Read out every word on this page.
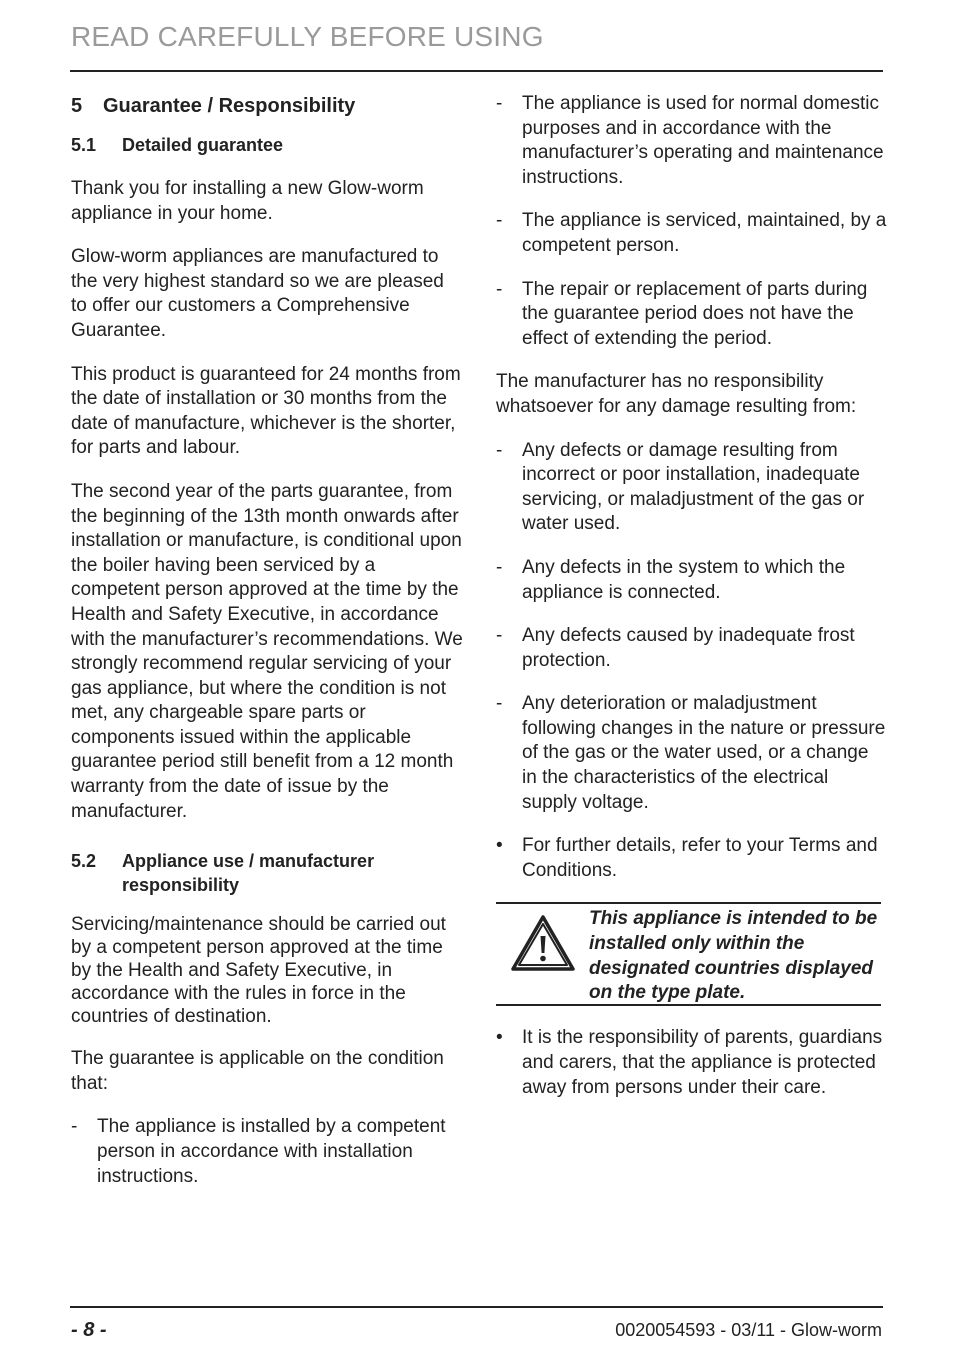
READ CAREFULLY BEFORE USING
5	Guarantee / Responsibility
5.1	Detailed guarantee

Thank you for installing a new Glow-worm appliance in your home.

Glow-worm appliances are manufactured to the very highest standard so we are pleased to offer our customers a Comprehensive Guarantee.

This product is guaranteed for 24 months from the date of installation or 30 months from the date of manufacture, whichever is the shorter, for parts and labour.

The second year of the parts guarantee, from the beginning of the 13th month onwards after installation or manufacture, is conditional upon the boiler having been serviced by a competent person approved at the time by the Health and Safety Executive, in accordance with the manufacturer’s recommendations. We strongly recommend regular servicing of your gas appliance, but where the condition is not met, any chargeable spare parts or components issued within the applicable guarantee period still benefit from a 12 month warranty from the date of issue by the manufacturer.

5.2	Appliance use / manufacturer responsibility

Servicing/maintenance should be carried out by a competent person approved at the time by the Health and Safety Executive, in accordance with the rules in force in the countries of destination.

The guarantee is applicable on the condition that:

-	The appliance is installed by a competent person in accordance with installation instructions.
-	The appliance is used for normal domestic purposes and in accordance with the manufacturer’s operating and maintenance instructions.
-	The appliance is serviced, maintained, by a competent person.
-	The repair or replacement of parts during the guarantee period does not have the effect of extending the period.

The manufacturer has no responsibility whatsoever for any damage resulting from:

-	Any defects or damage resulting from incorrect or poor installation, inadequate servicing, or maladjustment of the gas or water used.
-	Any defects in the system to which the appliance is connected.
-	Any defects caused by inadequate frost protection.
-	Any deterioration or maladjustment following changes in the nature or pressure of the gas or the water used, or a change in the characteristics of the electrical supply voltage.
•	For further details, refer to your Terms and Conditions.
This appliance is intended to be installed only within the designated countries displayed on the type plate.
•	It is the responsibility of parents, guardians and carers, that the appliance is protected away from persons under their care.
- 8 -	0020054593 - 03/11 - Glow-worm
